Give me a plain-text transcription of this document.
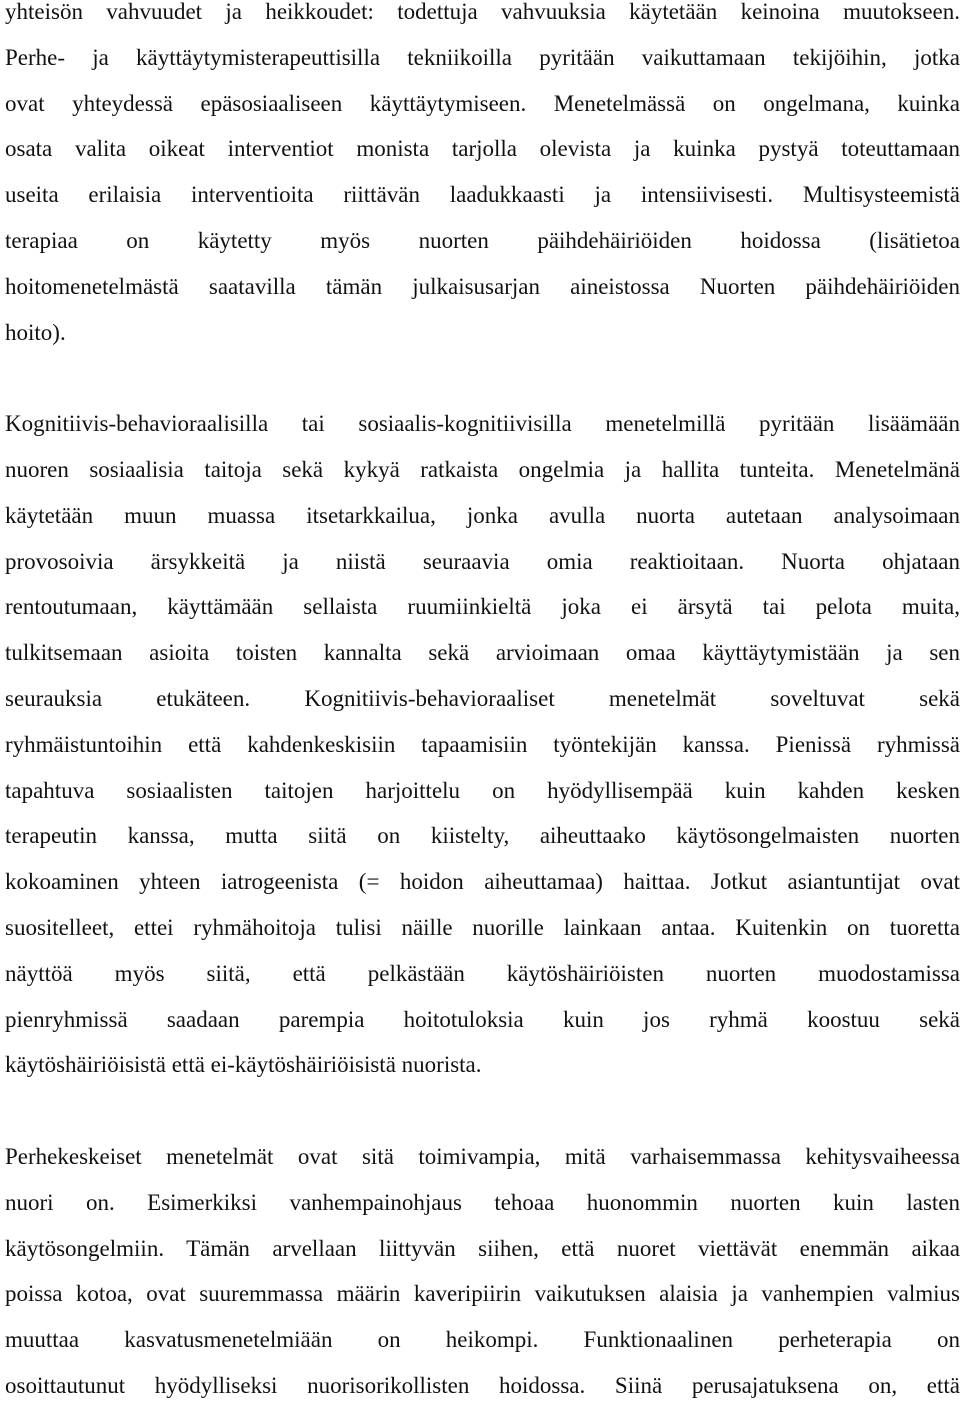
yhteisön vahvuudet ja heikkoudet: todettuja vahvuuksia käytetään keinoina muutokseen.
Perhe- ja käyttäytymisterapeuttisilla tekniikoilla pyritään vaikuttamaan tekijöihin, jotka
ovat yhteydessä epäsosiaaliseen käyttäytymiseen. Menetelmässä on ongelmana, kuinka
osata valita oikeat interventiot monista tarjolla olevista ja kuinka pystyä toteuttamaan
useita erilaisia interventioita riittävän laadukkaasti ja intensiivisesti. Multisysteemistä
terapiaa on käytetty myös nuorten päihdehäiriöiden hoidossa (lisätietoa
hoitomenetelmästä saatavilla tämän julkaisusarjan aineistossa Nuorten päihdehäiriöiden
hoito).
Kognitiivis-behavioraalisilla tai sosiaalis-kognitiivisilla menetelmillä pyritään lisäämään
nuoren sosiaalisia taitoja sekä kykyä ratkaista ongelmia ja hallita tunteita. Menetelmänä
käytetään muun muassa itsetarkkailua, jonka avulla nuorta autetaan analysoimaan
provosoivia ärsykkeitä ja niistä seuraavia omia reaktioitaan. Nuorta ohjataan
rentoutumaan, käyttämään sellaista ruumiinkieltä joka ei ärsytä tai pelota muita,
tulkitsemaan asioita toisten kannalta sekä arvioimaan omaa käyttäytymistään ja sen
seurauksia etukäteen. Kognitiivis-behavioraaliset menetelmät soveltuvat sekä
ryhmäistuntoihin että kahdenkeskisiin tapaamisiin työntekijän kanssa. Pienissä ryhmissä
tapahtuva sosiaalisten taitojen harjoittelu on hyödyllisempää kuin kahden kesken
terapeutin kanssa, mutta siitä on kiistelty, aiheuttaako käytösongelmaisten nuorten
kokoaminen yhteen iatrogeenista (= hoidon aiheuttamaa) haittaa. Jotkut asiantuntijat ovat
suositelleet, ettei ryhmähoitoja tulisi näille nuorille lainkaan antaa. Kuitenkin on tuoretta
näyttöä myös siitä, että pelkästään käytöshäiriöisten nuorten muodostamissa
pienryhmissä saadaan parempia hoitotuloksia kuin jos ryhmä koostuu sekä
käytöshäiriöisistä että ei-käytöshäiriöisistä nuorista.
Perhekeskeiset menetelmät ovat sitä toimivampia, mitä varhaisemmassa kehitysvaiheessa
nuori on. Esimerkiksi vanhempainohjaus tehoaa huonommin nuorten kuin lasten
käytösongelmiin. Tämän arvellaan liittyvän siihen, että nuoret viettävät enemmän aikaa
poissa kotoa, ovat suuremmassa määrin kaveripiirin vaikutuksen alaisia ja vanhempien valmius
muuttaa kasvatusmenetelmiään on heikompi. Funktionaalinen perheterapia on
osoittautunut hyödylliseksi nuorisorikollisten hoidossa. Siinä perusajatuksena on, että
